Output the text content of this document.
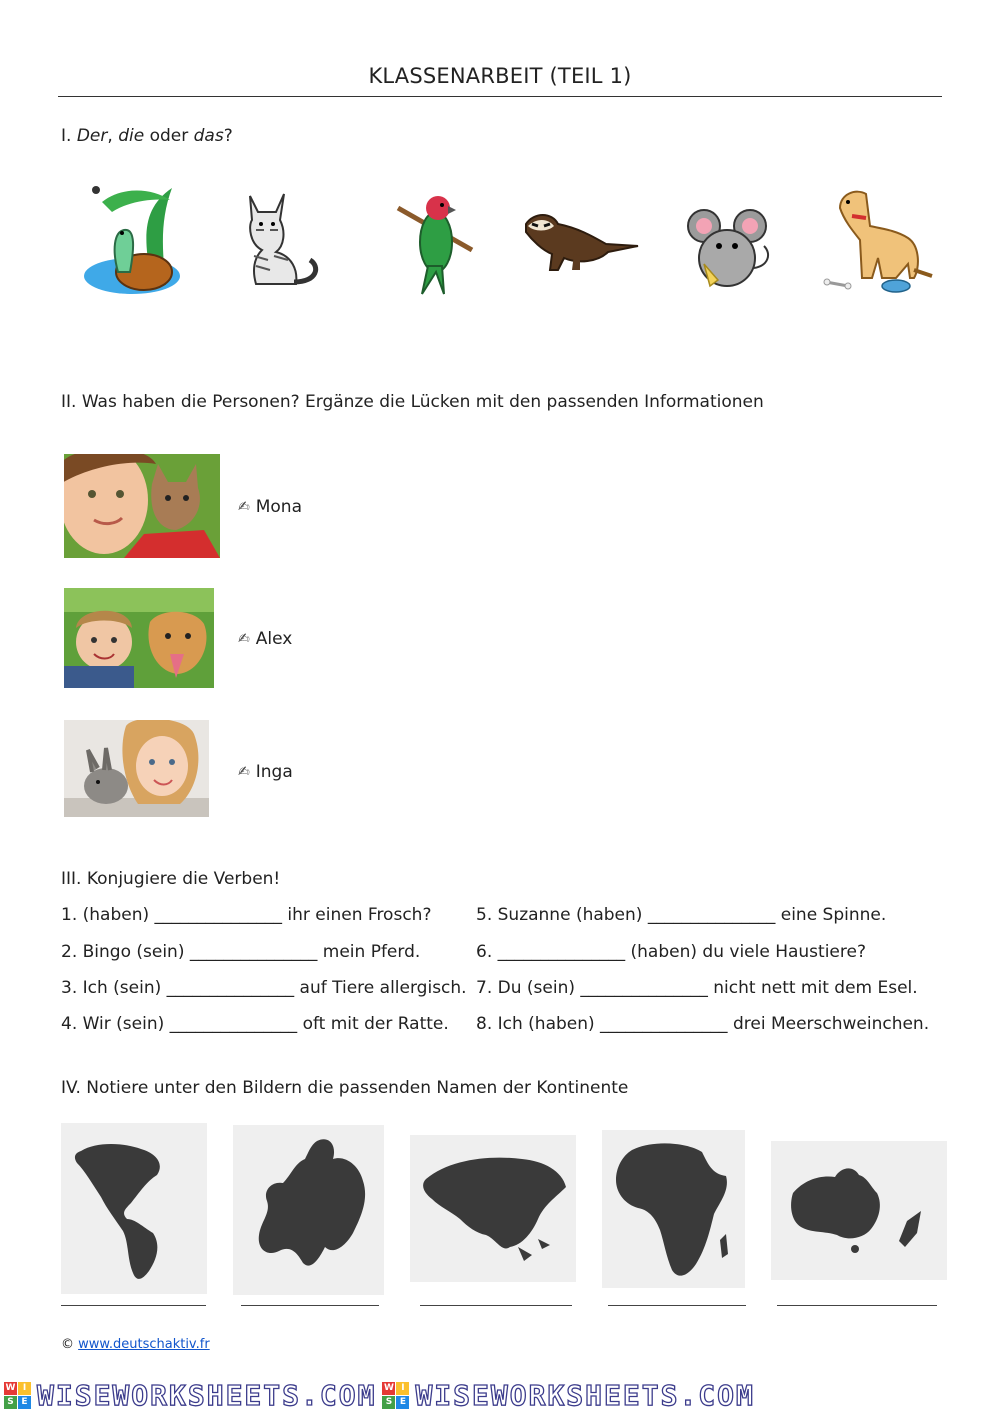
KLASSENARBEIT (TEIL 1)
I. Der, die oder das?
II. Was haben die Personen? Ergänze die Lücken mit den passenden Informationen
✍ Mona
✍ Alex
✍ Inga
III. Konjugiere die Verben!
1. (haben) _______________ ihr einen Frosch?
2. Bingo (sein) _______________ mein Pferd.
3. Ich (sein) _______________ auf Tiere allergisch.
4. Wir (sein) _______________ oft mit der Ratte.
5. Suzanne (haben) _______________ eine Spinne.
6. _______________ (haben) du viele Haustiere?
7. Du (sein) _______________ nicht nett mit dem Esel.
8. Ich (haben) _______________ drei Meerschweinchen.
IV. Notiere unter den Bildern die passenden Namen der Kontinente
© www.deutschaktiv.fr
W I
S E WISEWORKSHEETS.COM W I
S E WISEWORKSHEETS.COM
